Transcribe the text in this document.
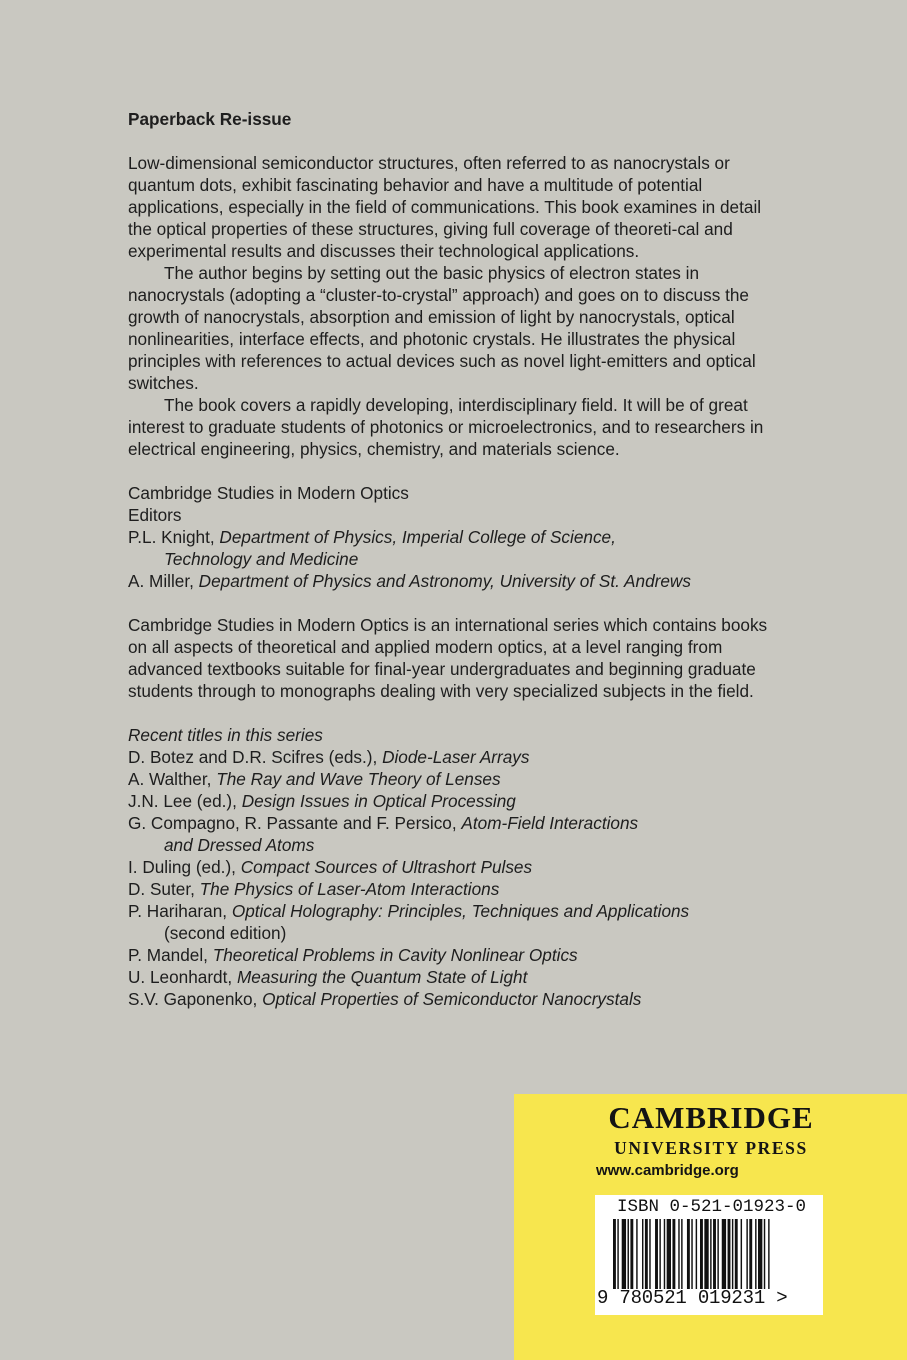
Paperback Re-issue

Low-dimensional semiconductor structures, often referred to as nanocrystals or quantum dots, exhibit fascinating behavior and have a multitude of potential applications, especially in the field of communications. This book examines in detail the optical properties of these structures, giving full coverage of theoreti-cal and experimental results and discusses their technological applications.

The author begins by setting out the basic physics of electron states in nanocrystals (adopting a “cluster-to-crystal” approach) and goes on to discuss the growth of nanocrystals, absorption and emission of light by nanocrystals, optical nonlinearities, interface effects, and photonic crystals. He illustrates the physical principles with references to actual devices such as novel light-emitters and optical switches.

The book covers a rapidly developing, interdisciplinary field. It will be of great interest to graduate students of photonics or microelectronics, and to researchers in electrical engineering, physics, chemistry, and materials science.

Cambridge Studies in Modern Optics
Editors
P.L. Knight, Department of Physics, Imperial College of Science,
Technology and Medicine
A. Miller, Department of Physics and Astronomy, University of St. Andrews

Cambridge Studies in Modern Optics is an international series which contains books on all aspects of theoretical and applied modern optics, at a level ranging from advanced textbooks suitable for final-year undergraduates and beginning graduate students through to monographs dealing with very specialized subjects in the field.

Recent titles in this series
D. Botez and D.R. Scifres (eds.), Diode-Laser Arrays
A. Walther, The Ray and Wave Theory of Lenses
J.N. Lee (ed.), Design Issues in Optical Processing
G. Compagno, R. Passante and F. Persico, Atom-Field Interactions
and Dressed Atoms
I. Duling (ed.), Compact Sources of Ultrashort Pulses
D. Suter, The Physics of Laser-Atom Interactions
P. Hariharan, Optical Holography: Principles, Techniques and Applications
(second edition)
P. Mandel, Theoretical Problems in Cavity Nonlinear Optics
U. Leonhardt, Measuring the Quantum State of Light
S.V. Gaponenko, Optical Properties of Semiconductor Nanocrystals
CAMBRIDGE
UNIVERSITY PRESS
www.cambridge.org
ISBN 0-521-01923-0
9 780521 019231 >
